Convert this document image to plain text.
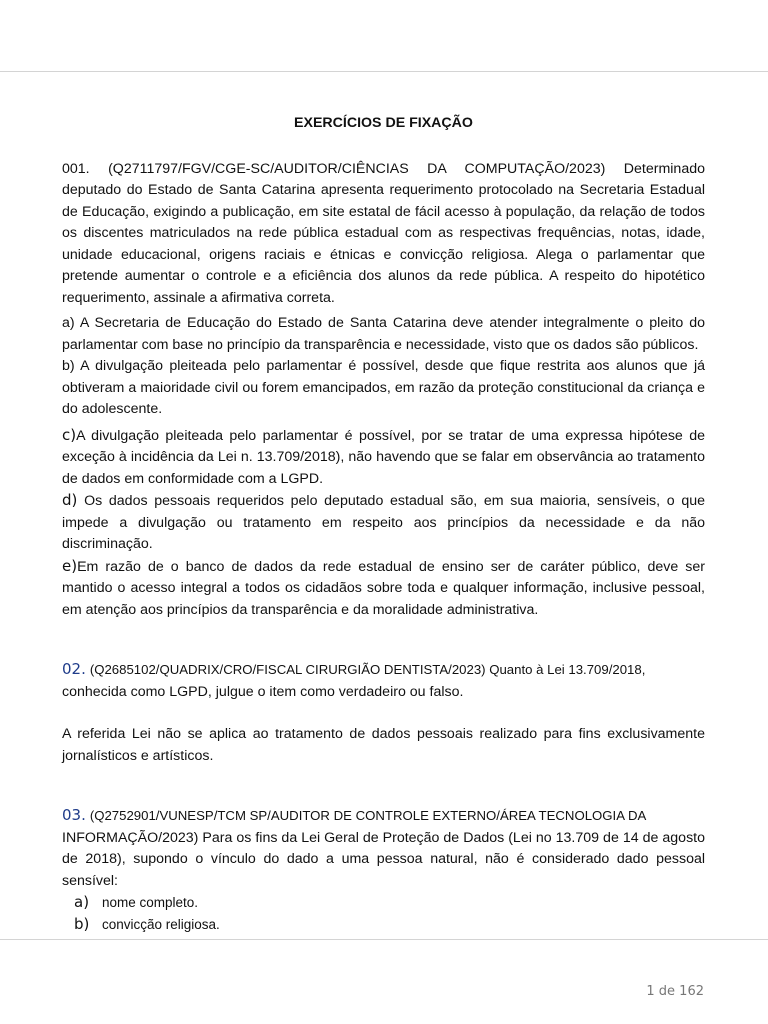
EXERCÍCIOS DE FIXAÇÃO

001. (Q2711797/FGV/CGE-SC/AUDITOR/CIÊNCIAS DA COMPUTAÇÃO/2023) Determinado deputado do Estado de Santa Catarina apresenta requerimento protocolado na Secretaria Estadual de Educação, exigindo a publicação, em site estatal de fácil acesso à população, da relação de todos os discentes matriculados na rede pública estadual com as respectivas frequências, notas, idade, unidade educacional, origens raciais e étnicas e convicção religiosa. Alega o parlamentar que pretende aumentar o controle e a eficiência dos alunos da rede pública. A respeito do hipotético requerimento, assinale a afirmativa correta.

a) A Secretaria de Educação do Estado de Santa Catarina deve atender integralmente o pleito do parlamentar com base no princípio da transparência e necessidade, visto que os dados são públicos.

b) A divulgação pleiteada pelo parlamentar é possível, desde que fique restrita aos alunos que já obtiveram a maioridade civil ou forem emancipados, em razão da proteção constitucional da criança e do adolescente.

c)A divulgação pleiteada pelo parlamentar é possível, por se tratar de uma expressa hipótese de exceção à incidência da Lei n. 13.709/2018), não havendo que se falar em observância ao tratamento de dados em conformidade com a LGPD.

d) Os dados pessoais requeridos pelo deputado estadual são, em sua maioria, sensíveis, o que impede a divulgação ou tratamento em respeito aos princípios da necessidade e da não discriminação.

e)Em razão de o banco de dados da rede estadual de ensino ser de caráter público, deve ser mantido o acesso integral a todos os cidadãos sobre toda e qualquer informação, inclusive pessoal, em atenção aos princípios da transparência e da moralidade administrativa.

02. (Q2685102/QUADRIX/CRO/FISCAL CIRURGIÃO DENTISTA/2023) Quanto à Lei 13.709/2018,
conhecida como LGPD, julgue o item como verdadeiro ou falso.

A referida Lei não se aplica ao tratamento de dados pessoais realizado para fins exclusivamente jornalísticos e artísticos.

03. (Q2752901/VUNESP/TCM SP/AUDITOR DE CONTROLE EXTERNO/ÁREA TECNOLOGIA DA
INFORMAÇÃO/2023) Para os fins da Lei Geral de Proteção de Dados (Lei no 13.709 de 14 de agosto de 2018), supondo o vínculo do dado a uma pessoa natural, não é considerado dado pessoal sensível:

a) nome completo.
b) convicção religiosa.
1 de 162
